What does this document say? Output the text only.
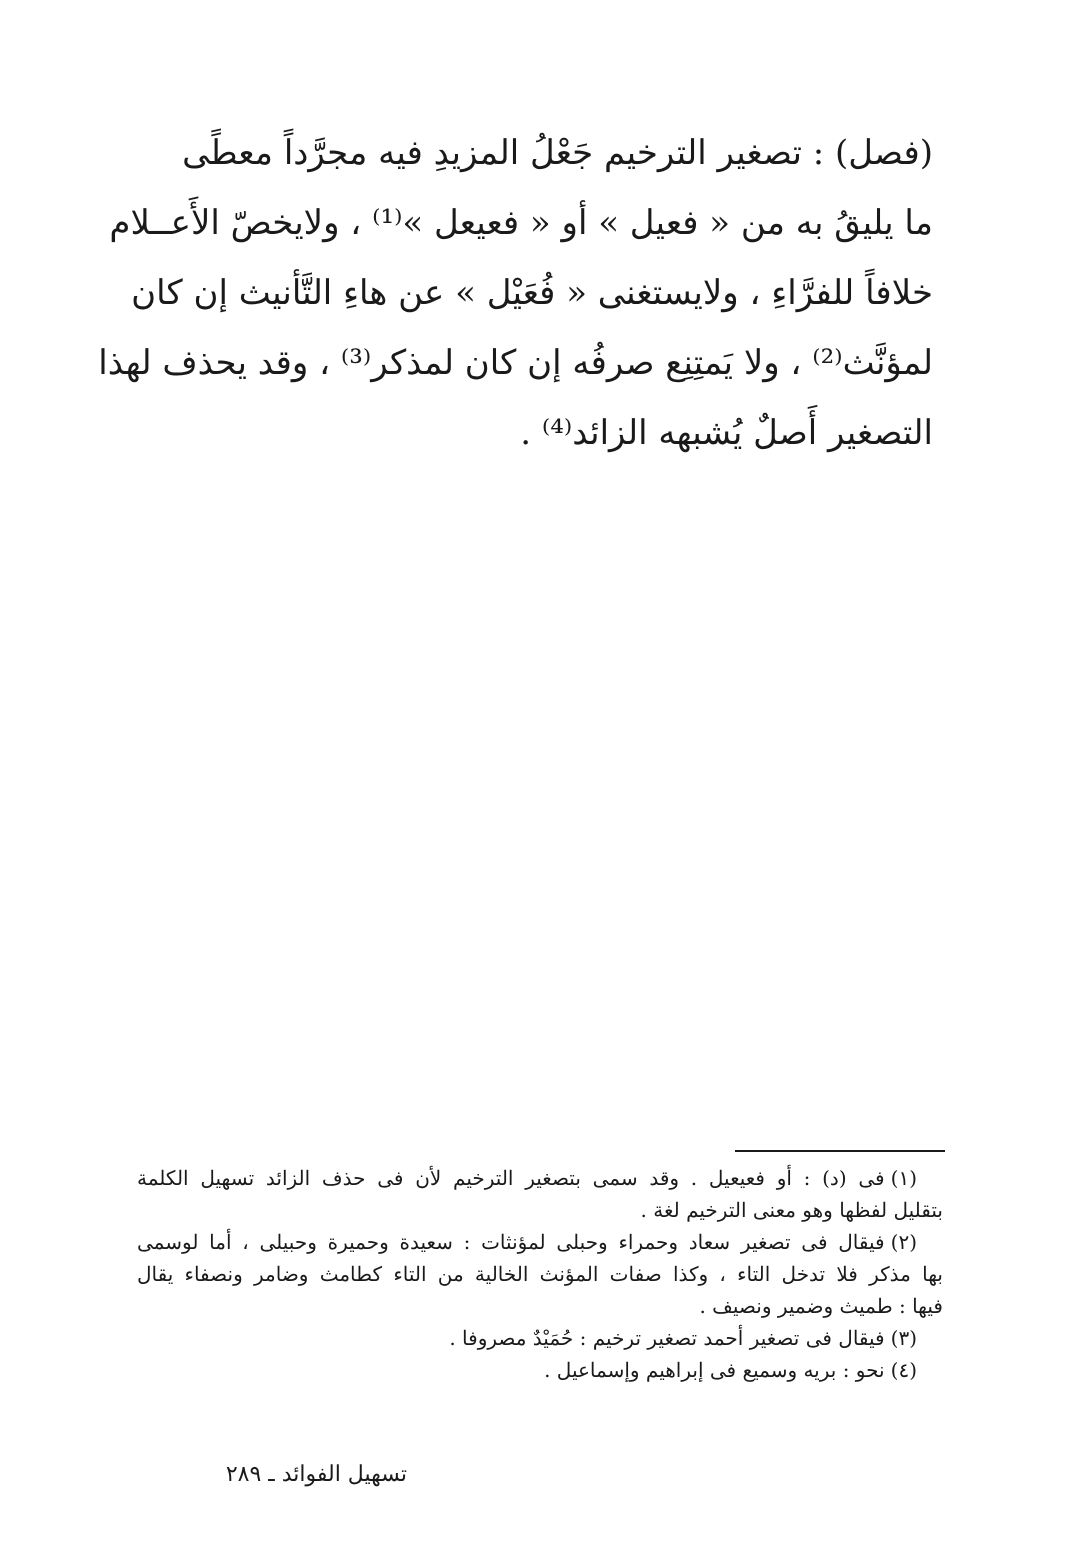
(فصل) : تصغير الترخيم جَعْلُ المزيدِ فيه مجرَّداً معطًى
ما يليقُ به من « فعيل » أو « فعيعل »⁽¹⁾ ، ولايخصّ الأَعــلام
خلافاً للفرَّاءِ ، ولايستغنى « فُعَيْل » عن هاءِ التَّأنيث إن كان
لمؤنَّث⁽²⁾ ، ولا يَمتِنِع صرفُه إن كان لمذكر⁽³⁾ ، وقد يحذف لهذا
التصغير أَصلٌ يُشبهه الزائد⁽⁴⁾ .
(١)فى (د) : أو فعيعيل . وقد سمى بتصغير الترخيم لأن فى حذف الزائد تسهيل الكلمة
بتقليل لفظها وهو معنى الترخيم لغة .
(٢)فيقال فى تصغير سعاد وحمراء وحبلى لمؤنثات : سعيدة وحميرة وحبيلى ، أما لوسمى
بها مذكر فلا تدخل التاء ، وكذا صفات المؤنث الخالية من التاء كطامث وضامر ونصفاء يقال
فيها : طميث وضمير ونصيف .
(٣)فيقال فى تصغير أحمد تصغير ترخيم : حُمَيْدٌ مصروفا .
(٤)نحو : بريه وسميع فى إبراهيم وإسماعيل .
تسهيل الفوائد ـ ٢٨٩
